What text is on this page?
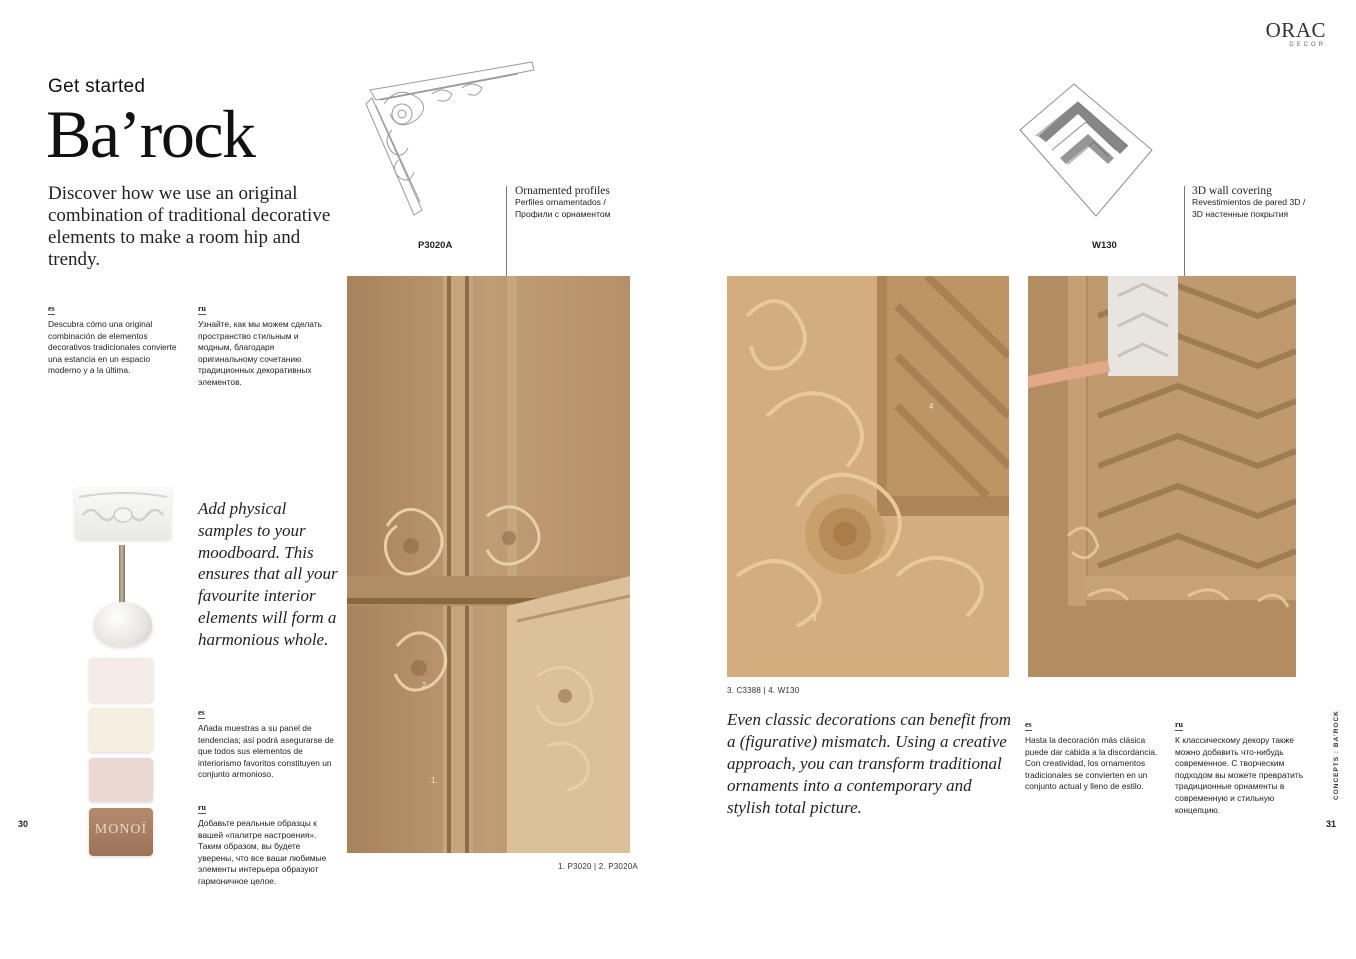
ORAC
DECOR
Get started
Ba’rock
Discover how we use an original combination of traditional decorative elements to make a room hip and trendy.
es
Descubra cómo una original combinación de elementos decorativos tradicionales convierte una estancia en un espacio moderno y a la última.
ru
Узнайте, как мы можем сделать пространство стильным и модным, благодаря оригинальному сочетанию традиционных декоративных элементов.
MONOÏ
Add physical samples to your moodboard. This ensures that all your favourite interior elements will form a harmonious whole.
es
Añada muestras a su panel de tendencias; así podrá asegurarse de que todos sus elementos de interiorismo favoritos constituyen un conjunto armonioso.
ru
Добавьте реальные образцы к вашей «палитре настроения». Таким образом, вы будете уверены, что все ваши любимые элементы интерьера образуют гармоничное целое.
30
P3020A
Ornamented profiles
Perfiles ornamentados /
Профили с орнаментом
1.
2
1. P3020 | 2. P3020A
W130
3D wall covering
Revestimientos de pared 3D /
3D настенные покрытия
3
4
3. C3388 | 4. W130
Even classic decorations can benefit from a (figurative) mismatch. Using a creative approach, you can transform traditional ornaments into a contemporary and stylish total picture.
es
Hasta la decoración más clásica puede dar cabida a la discordancia. Con creatividad, los ornamentos tradicionales se convierten en un conjunto actual y lleno de estilo.
ru
К классическому декору также можно добавить что-нибудь современное. С творческим подходом вы можете превратить традиционные орнаменты в современную и стильную концепцию.
31
CONCEPTS : BA’ROCK
